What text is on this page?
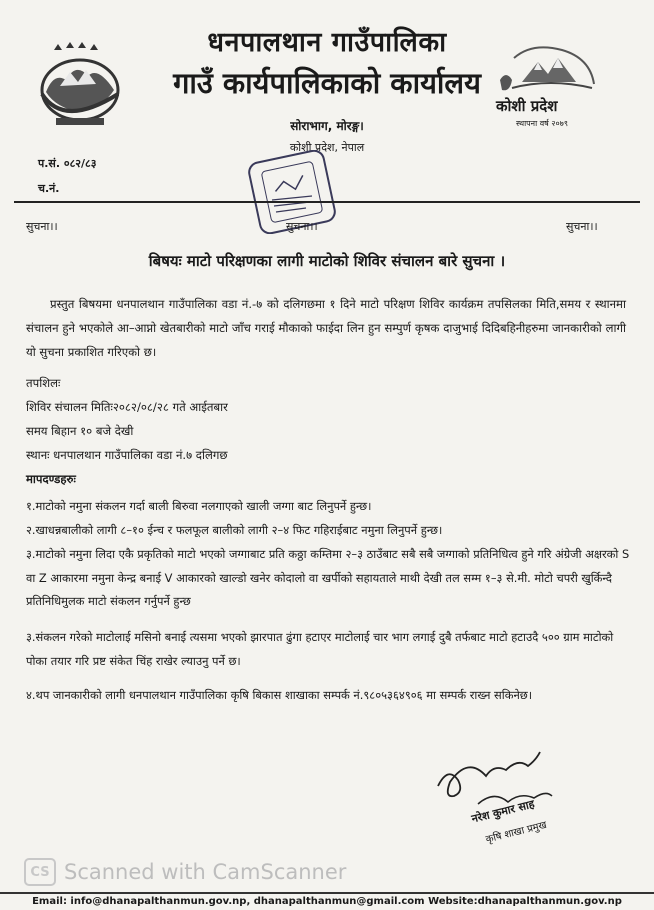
धनपालथान गाउँपालिका
गाउँ कार्यपालिकाको कार्यालय
कोशी प्रदेश
स्थापना वर्ष २०७९
सोराभाग, मोरङ्ग।
कोशी प्रदेश, नेपाल
प.सं. ०८२/८३
च.नं.
सुचना।।	सुचना।।	सुचना।।
बिषयः माटो परिक्षणका लागी माटोको शिविर संचालन बारे सुचना ।

प्रस्तुत बिषयमा धनपालथान गाउँपालिका वडा नं.-७ को दलिगछमा १ दिने माटो परिक्षण शिविर कार्यक्रम तपसिलका मिति,समय र स्थानमा संचालन हुने भएकोले आ–आप्नो खेतबारीको माटो जाँच गराई मौकाको फाईदा लिन हुन सम्पुर्ण कृषक दाजुभाई दिदिबहिनीहरुमा जानकारीको लागी यो सुचना प्रकाशित गरिएको छ।

तपशिलः
शिविर संचालन मितिः२०८२/०८/२८ गते आईतबार
समय बिहान १० बजे देखी
स्थानः धनपालथान गाउँपालिका वडा नं.७ दलिगछ
मापदण्डहरुः

१.माटोको नमुना संकलन गर्दा बाली बिरुवा नलगाएको खाली जग्गा बाट लिनुपर्ने हुन्छ।

२.खाधन्नबालीको लागी ८–१० ईन्च र फलफूल बालीको लागी २–४ फिट गहिराईबाट नमुना लिनुपर्ने हुन्छ।

३.माटोको नमुना लिदा एकै प्रकृतिको माटो भएको जग्गाबाट प्रति कठ्ठा कम्तिमा २–३ ठाउँबाट सबै सबै जग्गाको प्रतिनिधित्व हुने गरि अंग्रेजी अक्षरको S वा Z आकारमा नमुना केन्द्र बनाई V आकारको खाल्डो खनेर कोदालो वा खर्पीको सहायताले माथी देखी तल सम्म १–३ से.मी. मोटो चपरी खुर्किन्दै प्रतिनिधिमुलक माटो संकलन गर्नुपर्ने हुन्छ

३.संकलन गरेको माटोलाई मसिनो बनाई त्यसमा भएको झारपात ढुंगा हटाएर माटोलाई चार भाग लगाई दुबै तर्फबाट माटो हटाउदै ५०० ग्राम माटोको पोका तयार गरि प्रष्ट संकेत चिंह राखेर ल्याउनु पर्ने छ।

४.थप जानकारीको लागी धनपालथान गाउँपालिका कृषि बिकास शाखाका सम्पर्क नं.९८०५३६४९०६ मा सम्पर्क राख्न सकिनेछ।

नरेश कुमार साह
कृषि शाखा प्रमुख
CS Scanned with CamScanner
Email: info@dhanapalthanmun.gov.np, dhanapalthanmun@gmail.com Website:dhanapalthanmun.gov.np
